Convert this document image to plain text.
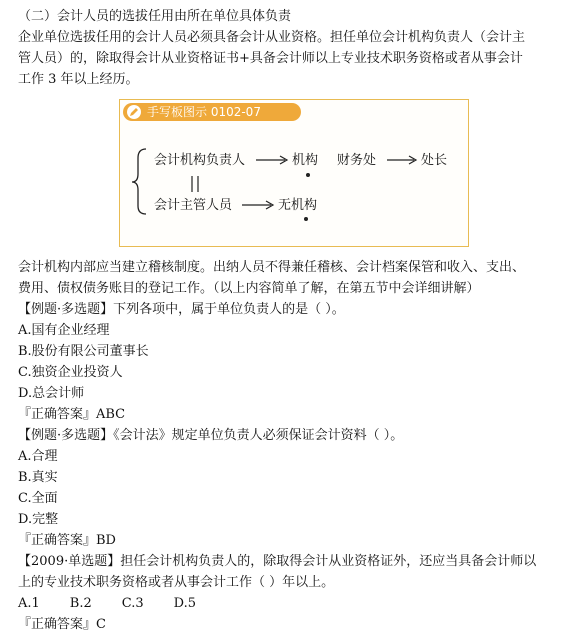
（二）会计人员的选拔任用由所在单位具体负责
企业单位选拔任用的会计人员必须具备会计从业资格。担任单位会计机构负责人（会计主
管人员）的，除取得会计从业资格证书+具备会计师以上专业技术职务资格或者从事会计
工作 3 年以上经历。
手写板图示 0102-07
会计机构负责人	机构 财务处	处长
会计主管人员	无机构
会计机构内部应当建立稽核制度。出纳人员不得兼任稽核、会计档案保管和收入、支出、
费用、债权债务账目的登记工作。（以上内容简单了解，在第五节中会详细讲解）
【例题·多选题】下列各项中，属于单位负责人的是（ ）。
A.国有企业经理
B.股份有限公司董事长
C.独资企业投资人
D.总会计师
『正确答案』ABC
【例题·多选题】《会计法》规定单位负责人必须保证会计资料（ ）。
A.合理
B.真实
C.全面
D.完整
『正确答案』BD
【2009·单选题】担任会计机构负责人的，除取得会计从业资格证外，还应当具备会计师以
上的专业技术职务资格或者从事会计工作（ ）年以上。
A.1 B.2 C.3 D.5
『正确答案』C
